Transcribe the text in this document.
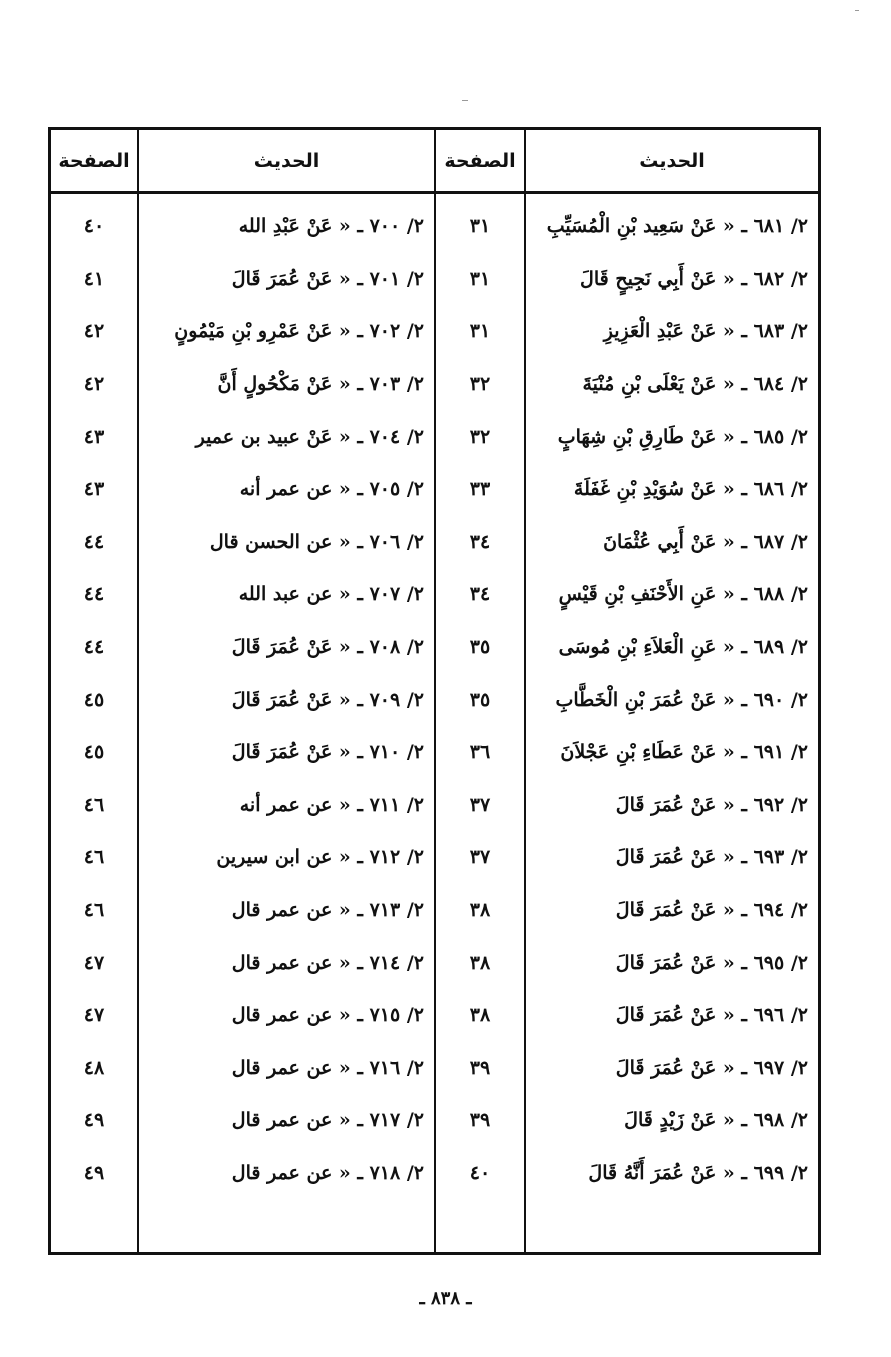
الحديث
٢/ ٦٨١ ـ « عَنْ سَعِيد بْنِ الْمُسَيِّبِ
٢/ ٦٨٢ ـ « عَنْ أَبِي نَجِيحٍ قَالَ
٢/ ٦٨٣ ـ « عَنْ عَبْدِ الْعَزِيزِ
٢/ ٦٨٤ ـ « عَنْ يَعْلَى بْنِ مُنْيَةَ
٢/ ٦٨٥ ـ « عَنْ طَارِقِ بْنِ شِهَابٍ
٢/ ٦٨٦ ـ « عَنْ سُوَيْدِ بْنِ غَفَلَةَ
٢/ ٦٨٧ ـ « عَنْ أَبِي عُثْمَانَ
٢/ ٦٨٨ ـ « عَنِ الأَحْنَفِ بْنِ قَيْسٍ
٢/ ٦٨٩ ـ « عَنِ الْعَلاَءِ بْنِ مُوسَى
٢/ ٦٩٠ ـ « عَنْ عُمَرَ بْنِ الْخَطَّابِ
٢/ ٦٩١ ـ « عَنْ عَطَاءِ بْنِ عَجْلاَنَ
٢/ ٦٩٢ ـ « عَنْ عُمَرَ قَالَ
٢/ ٦٩٣ ـ « عَنْ عُمَرَ قَالَ
٢/ ٦٩٤ ـ « عَنْ عُمَرَ قَالَ
٢/ ٦٩٥ ـ « عَنْ عُمَرَ قَالَ
٢/ ٦٩٦ ـ « عَنْ عُمَرَ قَالَ
٢/ ٦٩٧ ـ « عَنْ عُمَرَ قَالَ
٢/ ٦٩٨ ـ « عَنْ زَيْدٍ قَالَ
٢/ ٦٩٩ ـ « عَنْ عُمَرَ أَنَّهُ قَالَ
الصفحة
٣١
٣١
٣١
٣٢
٣٢
٣٣
٣٤
٣٤
٣٥
٣٥
٣٦
٣٧
٣٧
٣٨
٣٨
٣٨
٣٩
٣٩
٤٠
الحديث
٢/ ٧٠٠ ـ « عَنْ عَبْدِ الله
٢/ ٧٠١ ـ « عَنْ عُمَرَ قَالَ
٢/ ٧٠٢ ـ « عَنْ عَمْرِو بْنِ مَيْمُونٍ
٢/ ٧٠٣ ـ « عَنْ مَكْحُولٍ أَنَّ
٢/ ٧٠٤ ـ « عَنْ عبيد بن عمير
٢/ ٧٠٥ ـ « عن عمر أنه
٢/ ٧٠٦ ـ « عن الحسن قال
٢/ ٧٠٧ ـ « عن عبد الله
٢/ ٧٠٨ ـ « عَنْ عُمَرَ قَالَ
٢/ ٧٠٩ ـ « عَنْ عُمَرَ قَالَ
٢/ ٧١٠ ـ « عَنْ عُمَرَ قَالَ
٢/ ٧١١ ـ « عن عمر أنه
٢/ ٧١٢ ـ « عن ابن سيرين
٢/ ٧١٣ ـ « عن عمر قال
٢/ ٧١٤ ـ « عن عمر قال
٢/ ٧١٥ ـ « عن عمر قال
٢/ ٧١٦ ـ « عن عمر قال
٢/ ٧١٧ ـ « عن عمر قال
٢/ ٧١٨ ـ « عن عمر قال
الصفحة
٤٠
٤١
٤٢
٤٢
٤٣
٤٣
٤٤
٤٤
٤٤
٤٥
٤٥
٤٦
٤٦
٤٦
٤٧
٤٧
٤٨
٤٩
٤٩
ـ ٨٣٨ ـ
